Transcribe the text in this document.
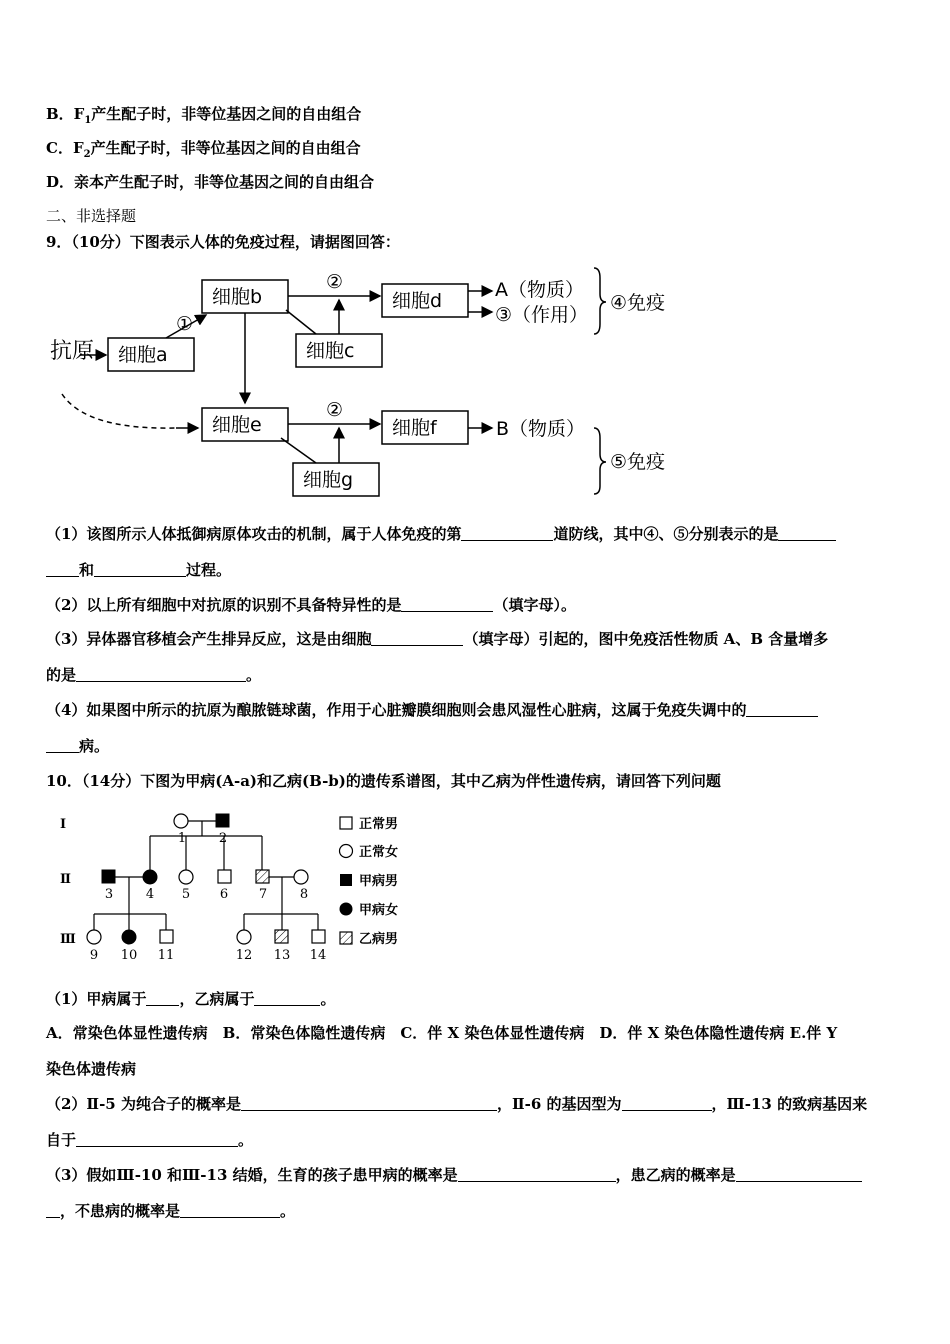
B．$F_1$产生配子时，非等位基因之间的自由组合
C．$F_2$产生配子时，非等位基因之间的自由组合
D．亲本产生配子时，非等位基因之间的自由组合
二、非选择题
9．（10分）下图表示人体的免疫过程，请据图回答：
抗原 细胞a
细胞b
①
细胞d
②
细胞c
A（物质）
③（作用）
④免疫
细胞e	细胞f
②
细胞g
B（物质）
⑤免疫
（1）该图所示人体抵御病原体攻击的机制，属于人体免疫的第	道防线，其中④、⑤分别表示的是
和	过程。
（2）以上所有细胞中对抗原的识别不具备特异性的是	（填字母）。
（3）异体器官移植会产生排异反应，这是由细胞	（填字母）引起的，图中免疫活性物质 A、B 含量增多
的是	。
（4）如果图中所示的抗原为酿脓链球菌，作用于心脏瓣膜细胞则会患风湿性心脏病，这属于免疫失调中的
病。
10．（14分）下图为甲病(A-a)和乙病(B-b)的遗传系谱图，其中乙病为伴性遗传病，请回答下列问题
Ⅰ
Ⅱ
Ⅲ
1	2
3	4 5 6 7	8
9 10 11	12 13 14
正常男
正常女
甲病男
甲病女
乙病男
（1）甲病属于 ，乙病属于	。
A．常染色体显性遗传病　B．常染色体隐性遗传病　C．伴 X 染色体显性遗传病　D．伴 X 染色体隐性遗传病 E.伴 Y
染色体遗传病
（2）Ⅱ-5 为纯合子的概率是	，Ⅱ-6 的基因型为	，Ⅲ-13 的致病基因来
自于	。
（3）假如Ⅲ-10 和Ⅲ-13 结婚，生育的孩子患甲病的概率是	，患乙病的概率是
，不患病的概率是	。
